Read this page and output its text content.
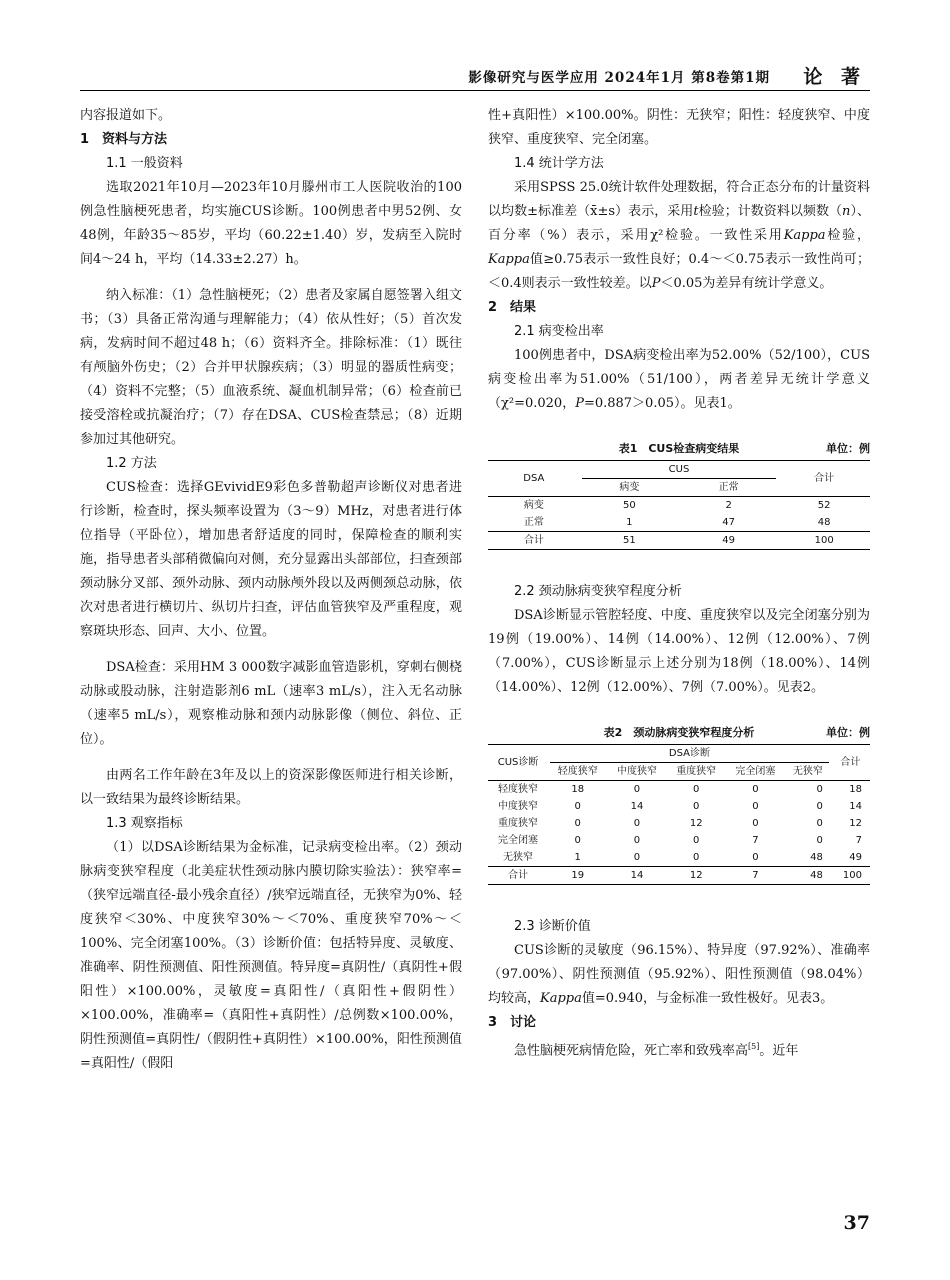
影像研究与医学应用 2024年1月 第8卷第1期 论 著

内容报道如下。

1　资料与方法

1.1 一般资料

选取2021年10月—2023年10月滕州市工人医院收治的100例急性脑梗死患者，均实施CUS诊断。100例患者中男52例、女48例，年龄35～85岁，平均（60.22±1.40）岁，发病至入院时间4～24 h，平均（14.33±2.27）h。

纳入标准：（1）急性脑梗死；（2）患者及家属自愿签署入组文书；（3）具备正常沟通与理解能力；（4）依从性好；（5）首次发病，发病时间不超过48 h；（6）资料齐全。排除标准：（1）既往有颅脑外伤史；（2）合并甲状腺疾病；（3）明显的器质性病变；（4）资料不完整；（5）血液系统、凝血机制异常；（6）检查前已接受溶栓或抗凝治疗；（7）存在DSA、CUS检查禁忌；（8）近期参加过其他研究。

1.2 方法

CUS检查：选择GEvividE9彩色多普勒超声诊断仪对患者进行诊断，检查时，探头频率设置为（3～9）MHz，对患者进行体位指导（平卧位），增加患者舒适度的同时，保障检查的顺利实施，指导患者头部稍微偏向对侧，充分显露出头部部位，扫查颈部颈动脉分叉部、颈外动脉、颈内动脉颅外段以及两侧颈总动脉，依次对患者进行横切片、纵切片扫查，评估血管狭窄及严重程度，观察斑块形态、回声、大小、位置。

DSA检查：采用HM 3 000数字减影血管造影机，穿刺右侧桡动脉或股动脉，注射造影剂6 mL（速率3 mL/s），注入无名动脉（速率5 mL/s），观察椎动脉和颈内动脉影像（侧位、斜位、正位）。

由两名工作年龄在3年及以上的资深影像医师进行相关诊断，以一致结果为最终诊断结果。

1.3 观察指标

（1）以DSA诊断结果为金标准，记录病变检出率。（2）颈动脉病变狭窄程度（北美症状性颈动脉内膜切除实验法）：狭窄率=（狭窄远端直径-最小残余直径）/狭窄远端直径，无狭窄为0%、轻度狭窄＜30%、中度狭窄30%～＜70%、重度狭窄70%～＜100%、完全闭塞100%。（3）诊断价值：包括特异度、灵敏度、准确率、阴性预测值、阳性预测值。特异度=真阴性/（真阴性+假阳性）×100.00%，灵敏度=真阳性/（真阳性+假阴性）×100.00%，准确率=（真阳性+真阴性）/总例数×100.00%，阴性预测值=真阴性/（假阴性+真阴性）×100.00%，阳性预测值=真阳性/（假阳

性+真阳性）×100.00%。阴性：无狭窄；阳性：轻度狭窄、中度狭窄、重度狭窄、完全闭塞。

1.4 统计学方法

采用SPSS 25.0统计软件处理数据，符合正态分布的计量资料以均数±标准差（x̄±s）表示，采用t检验；计数资料以频数（n）、百分率（%）表示，采用χ²检验。一致性采用Kappa检验，Kappa值≥0.75表示一致性良好；0.4～＜0.75表示一致性尚可；＜0.4则表示一致性较差。以P＜0.05为差异有统计学意义。

2　结果

2.1 病变检出率

100例患者中，DSA病变检出率为52.00%（52/100），CUS病变检出率为51.00%（51/100），两者差异无统计学意义（χ²=0.020，P=0.887＞0.05）。见表1。

表1　CUS检查病变结果	单位：例
DSA	CUS		合计
	病变	正常	
病变	50	2	52
正常	1	47	48
合计	51	49	100

2.2 颈动脉病变狭窄程度分析

DSA诊断显示管腔轻度、中度、重度狭窄以及完全闭塞分别为19例（19.00%）、14例（14.00%）、12例（12.00%）、7例（7.00%），CUS诊断显示上述分别为18例（18.00%）、14例（14.00%）、12例（12.00%）、7例（7.00%）。见表2。

表2　颈动脉病变狭窄程度分析	单位：例
CUS诊断	DSA诊断					合计
	轻度狭窄	中度狭窄	重度狭窄	完全闭塞	无狭窄	
轻度狭窄	18	0	0	0	0	18
中度狭窄	0	14	0	0	0	14
重度狭窄	0	0	12	0	0	12
完全闭塞	0	0	0	7	0	7
无狭窄	1	0	0	0	48	49
合计	19	14	12	7	48	100

2.3 诊断价值

CUS诊断的灵敏度（96.15%）、特异度（97.92%）、准确率（97.00%）、阴性预测值（95.92%）、阳性预测值（98.04%）均较高，Kappa值=0.940，与金标准一致性极好。见表3。

3　讨论

急性脑梗死病情危险，死亡率和致残率高[5]。近年

37
